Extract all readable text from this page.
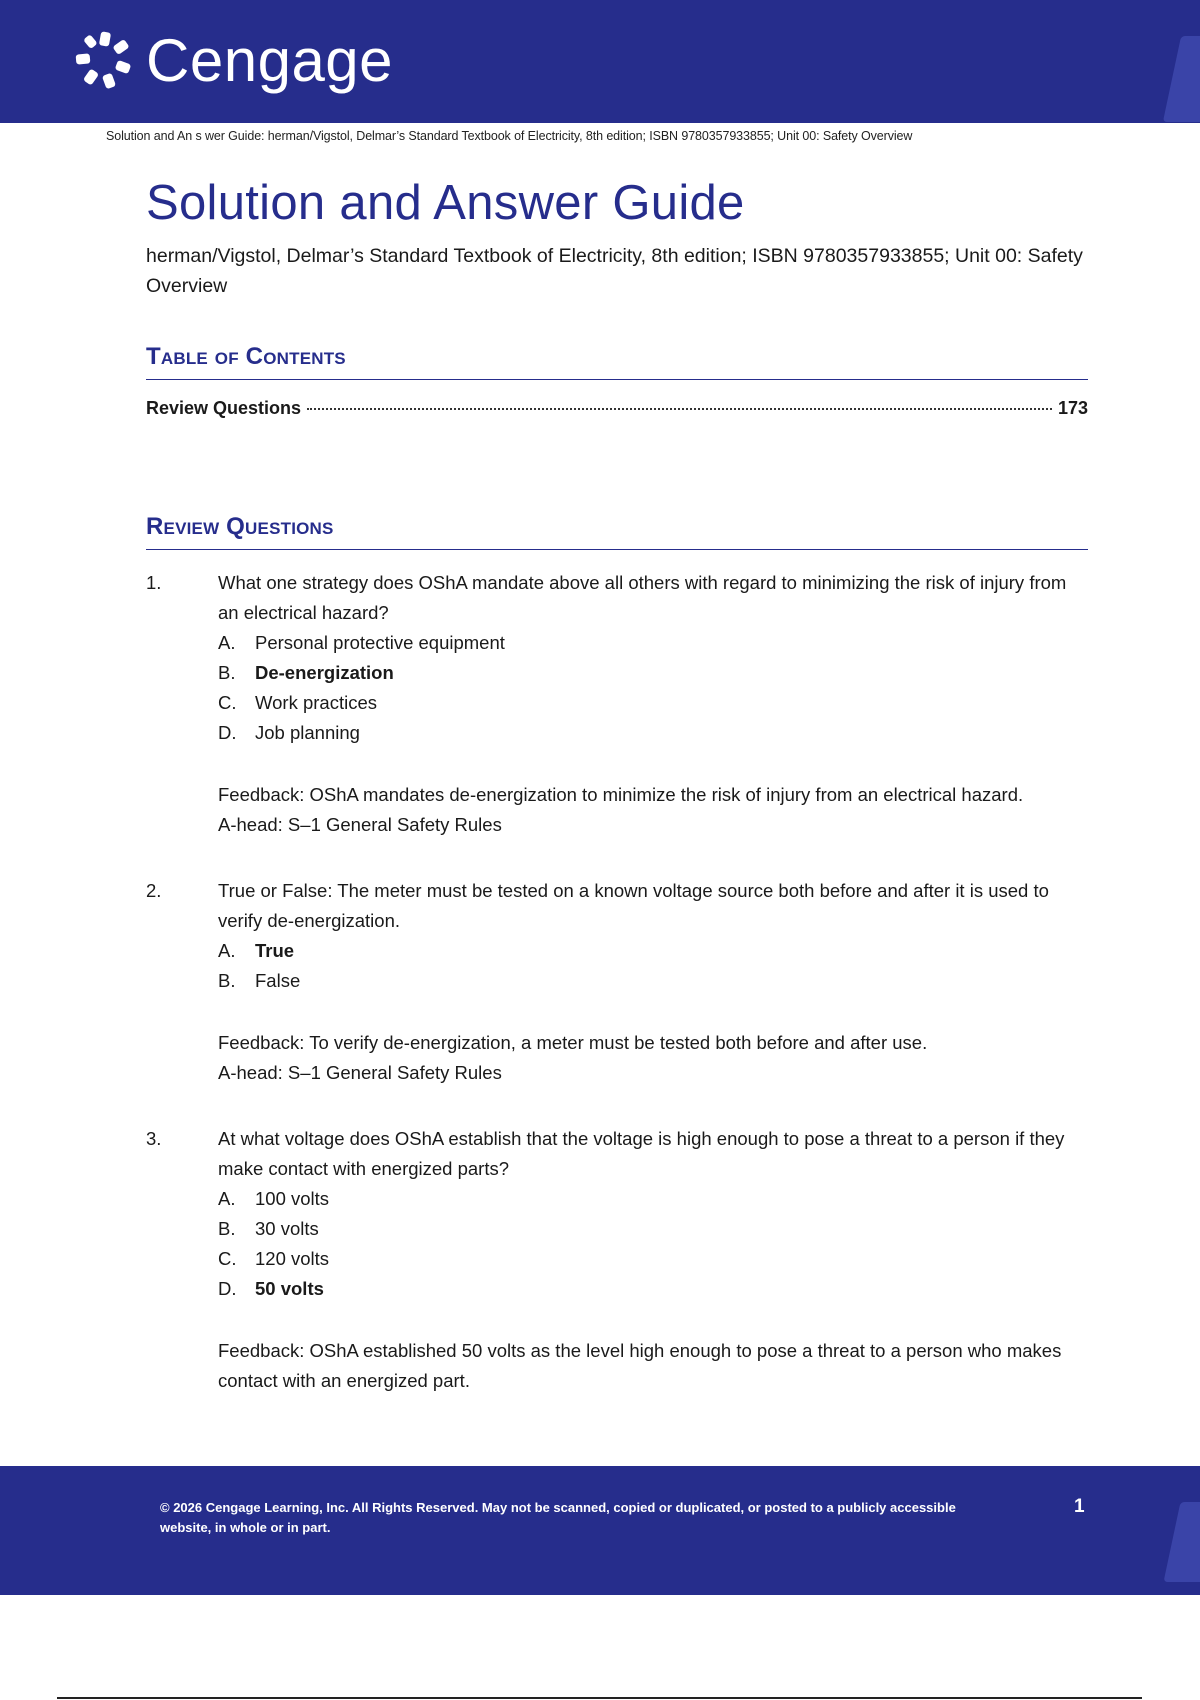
Cengage
Solution and An s wer Guide: herman/Vigstol, Delmar’s Standard Textbook of Electricity, 8th edition; ISBN 9780357933855; Unit 00: Safety Overview
Solution and Answer Guide

herman/Vigstol, Delmar’s Standard Textbook of Electricity, 8th edition; ISBN 9780357933855; Unit 00: Safety Overview

Table of Contents
Review Questions	173
Review Questions
1.	What one strategy does OShA mandate above all others with regard to minimizing the risk of injury from an electrical hazard?

A.	Personal protective equipment
B.	De-energization
C.	Work practices
D.	Job planning

Feedback: OShA mandates de-energization to minimize the risk of injury from an electrical hazard.

A-head: S–1 General Safety Rules

2.	True or False: The meter must be tested on a known voltage source both before and after it is used to verify de-energization.

A.	True
B.	False

Feedback: To verify de-energization, a meter must be tested both before and after use.

A-head: S–1 General Safety Rules

3.	At what voltage does OShA establish that the voltage is high enough to pose a threat to a person if they make contact with energized parts?

A.	100 volts
B.	30 volts
C.	120 volts
D.	50 volts

Feedback: OShA established 50 volts as the level high enough to pose a threat to a person who makes contact with an energized part.

© 2026 Cengage Learning, Inc. All Rights Reserved. May not be scanned, copied or duplicated, or posted to a publicly accessible website, in whole or in part.

1
